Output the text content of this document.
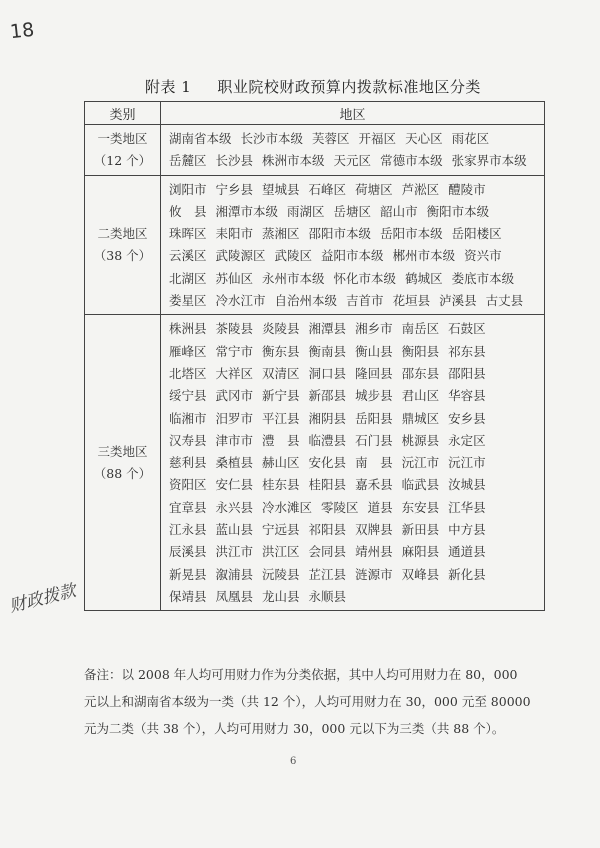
18
附表 1 职业院校财政预算内拨款标准地区分类
类别	地区
一类地区
（12 个）	湖南省本级 长沙市本级 芙蓉区 开福区 天心区 雨花区岳麓区 长沙县 株洲市本级 天元区 常德市本级 张家界市本级
二类地区
（38 个）	浏阳市 宁乡县 望城县 石峰区 荷塘区 芦淞区 醴陵市攸　县 湘潭市本级 雨湖区 岳塘区 韶山市 衡阳市本级珠晖区 耒阳市 蒸湘区 邵阳市本级 岳阳市本级 岳阳楼区云溪区 武陵源区 武陵区 益阳市本级 郴州市本级 资兴市北湖区 苏仙区 永州市本级 怀化市本级 鹤城区 娄底市本级娄星区 冷水江市 自治州本级 吉首市 花垣县 泸溪县 古丈县
三类地区
（88 个）	株洲县 茶陵县 炎陵县 湘潭县 湘乡市 南岳区 石鼓区雁峰区 常宁市 衡东县 衡南县 衡山县 衡阳县 祁东县北塔区 大祥区 双清区 洞口县 隆回县 邵东县 邵阳县绥宁县 武冈市 新宁县 新邵县 城步县 君山区 华容县临湘市 汨罗市 平江县 湘阴县 岳阳县 鼎城区 安乡县汉寿县 津市市 澧　县 临澧县 石门县 桃源县 永定区慈利县 桑植县 赫山区 安化县 南　县 沅江市 沅江市资阳区 安仁县 桂东县 桂阳县 嘉禾县 临武县 汝城县宜章县 永兴县 冷水滩区 零陵区 道县 东安县 江华县江永县 蓝山县 宁远县 祁阳县 双牌县 新田县 中方县辰溪县 洪江市 洪江区 会同县 靖州县 麻阳县 通道县新晃县 溆浦县 沅陵县 芷江县 涟源市 双峰县 新化县保靖县 凤凰县 龙山县 永顺县
财政拨款
备注：以 2008 年人均可用财力作为分类依据，其中人均可用财力在 80，000
元以上和湖南省本级为一类（共 12 个），人均可用财力在 30，000 元至 80000
元为二类（共 38 个），人均可用财力 30，000 元以下为三类（共 88 个）。
6
